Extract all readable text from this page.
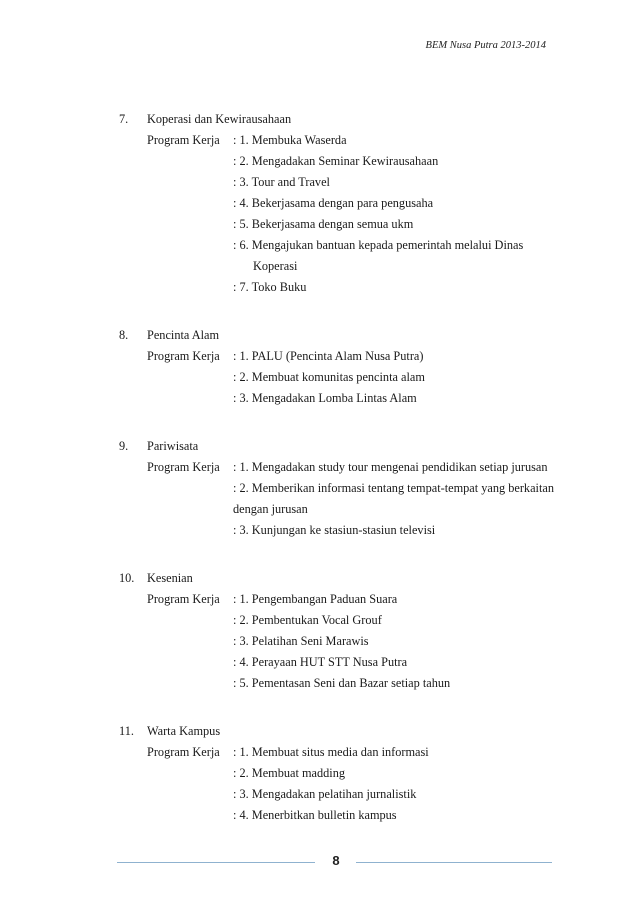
BEM Nusa Putra 2013-2014
7.	Koperasi dan Kewirausahaan
Program Kerja	: 1. Membuka Waserda
: 2. Mengadakan Seminar Kewirausahaan
: 3. Tour and Travel
: 4. Bekerjasama dengan para pengusaha
: 5. Bekerjasama dengan semua ukm
: 6. Mengajukan bantuan kepada pemerintah melalui Dinas
Koperasi
: 7. Toko Buku
8.	Pencinta Alam
Program Kerja	: 1. PALU (Pencinta Alam Nusa Putra)
: 2. Membuat komunitas pencinta alam
: 3. Mengadakan Lomba Lintas Alam
9.	Pariwisata
Program Kerja	: 1. Mengadakan study tour mengenai pendidikan setiap jurusan
: 2. Memberikan informasi tentang tempat-tempat yang berkaitan
dengan jurusan
: 3. Kunjungan ke stasiun-stasiun televisi
10.	Kesenian
Program Kerja	: 1. Pengembangan Paduan Suara
: 2. Pembentukan Vocal Grouf
: 3. Pelatihan Seni Marawis
: 4. Perayaan HUT STT Nusa Putra
: 5. Pementasan Seni dan Bazar setiap tahun
11.	Warta Kampus
Program Kerja	: 1. Membuat situs media dan informasi
: 2. Membuat madding
: 3. Mengadakan pelatihan jurnalistik
: 4. Menerbitkan bulletin kampus
8
